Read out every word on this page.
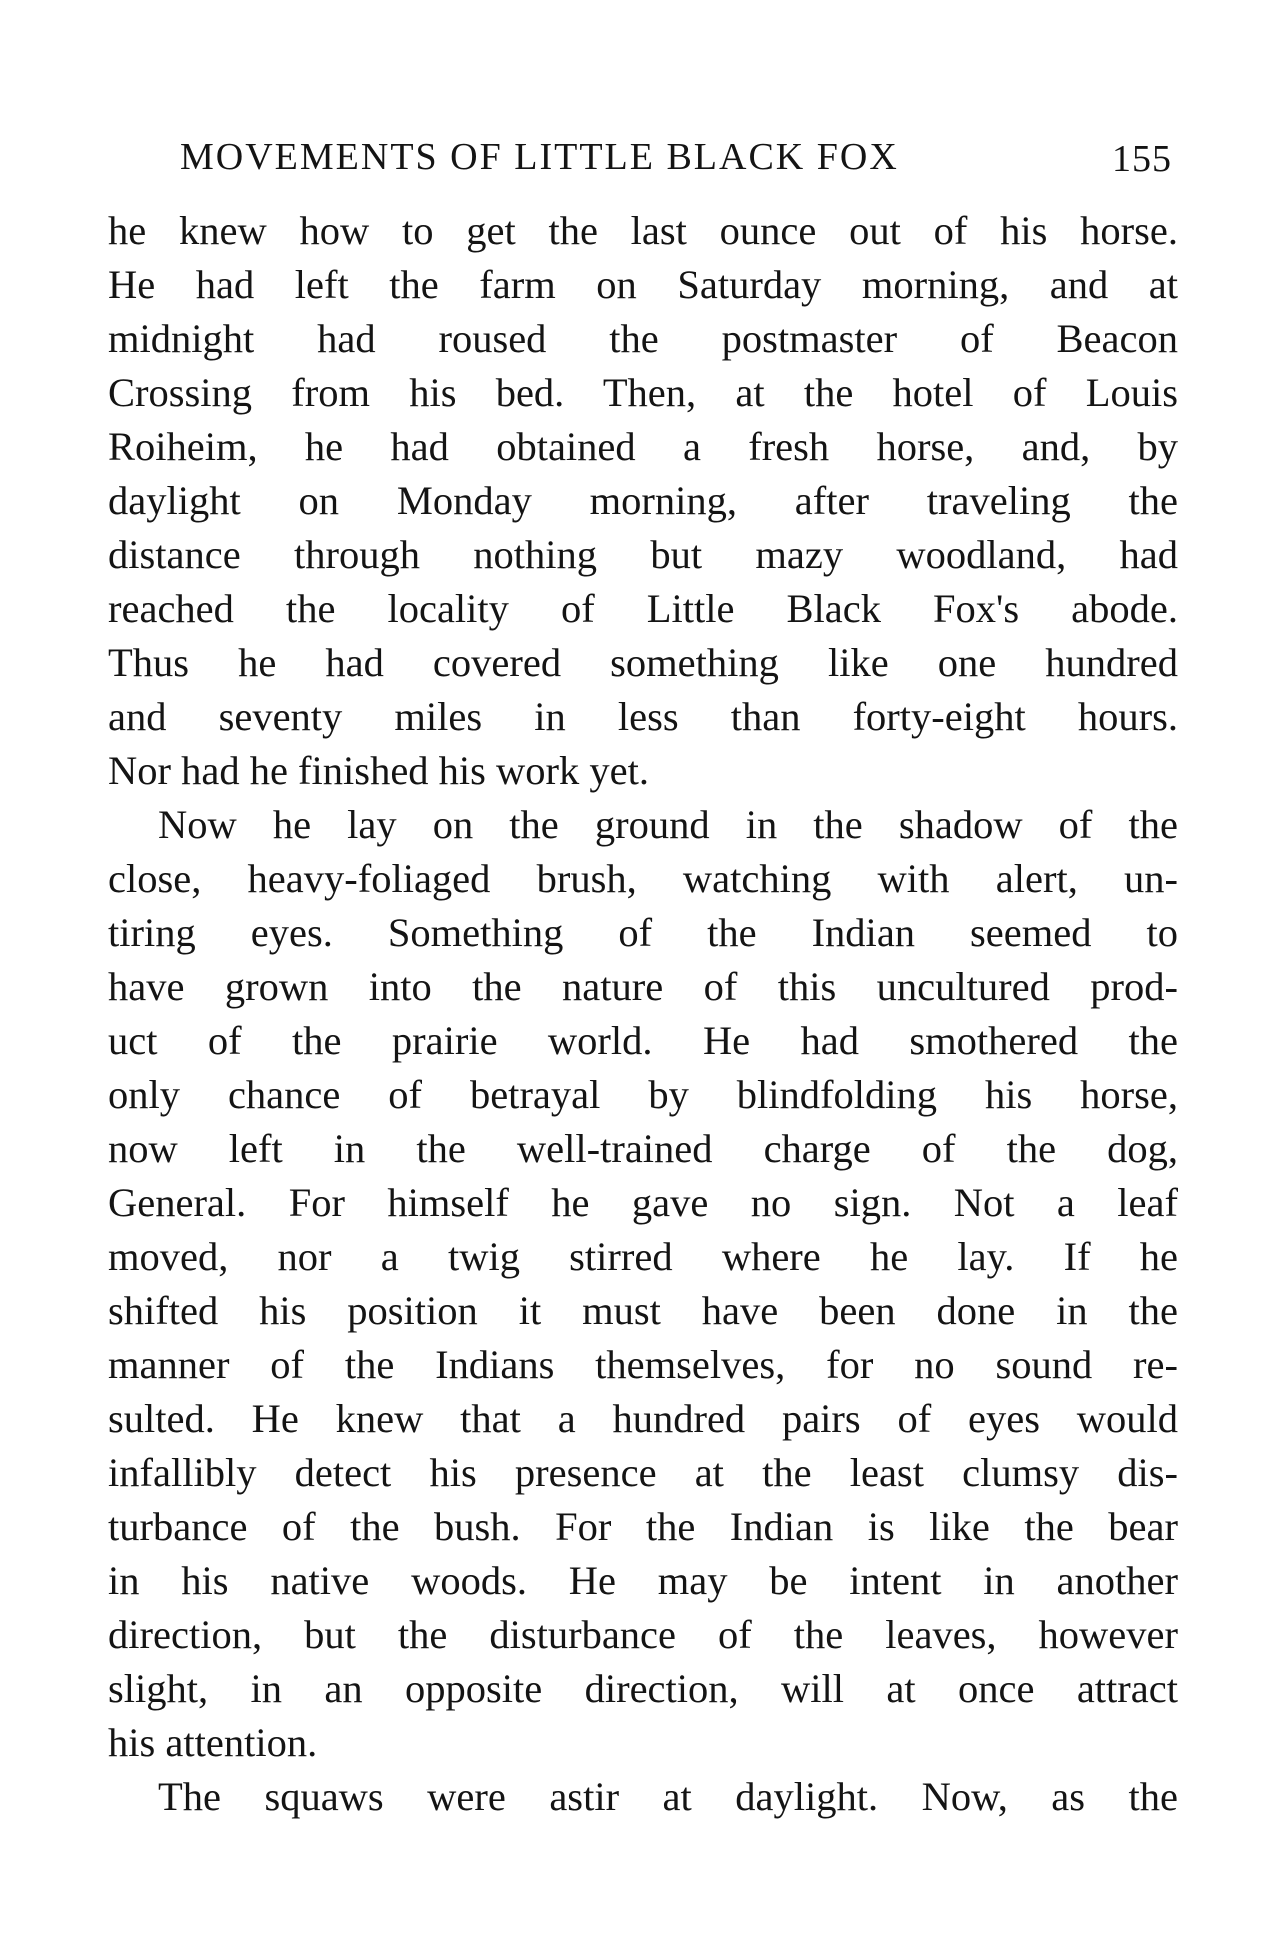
MOVEMENTS OF LITTLE BLACK FOX	155
he knew how to get the last ounce out of his horse.
He had left the farm on Saturday morning, and at
midnight had roused the postmaster of Beacon
Crossing from his bed. Then, at the hotel of Louis
Roiheim, he had obtained a fresh horse, and, by
daylight on Monday morning, after traveling the
distance through nothing but mazy woodland, had
reached the locality of Little Black Fox's abode.
Thus he had covered something like one hundred
and seventy miles in less than forty-eight hours.
Nor had he finished his work yet.
Now he lay on the ground in the shadow of the
close, heavy-foliaged brush, watching with alert, un-
tiring eyes. Something of the Indian seemed to
have grown into the nature of this uncultured prod-
uct of the prairie world. He had smothered the
only chance of betrayal by blindfolding his horse,
now left in the well-trained charge of the dog,
General. For himself he gave no sign. Not a leaf
moved, nor a twig stirred where he lay. If he
shifted his position it must have been done in the
manner of the Indians themselves, for no sound re-
sulted. He knew that a hundred pairs of eyes would
infallibly detect his presence at the least clumsy dis-
turbance of the bush. For the Indian is like the bear
in his native woods. He may be intent in another
direction, but the disturbance of the leaves, however
slight, in an opposite direction, will at once attract
his attention.
The squaws were astir at daylight. Now, as the
